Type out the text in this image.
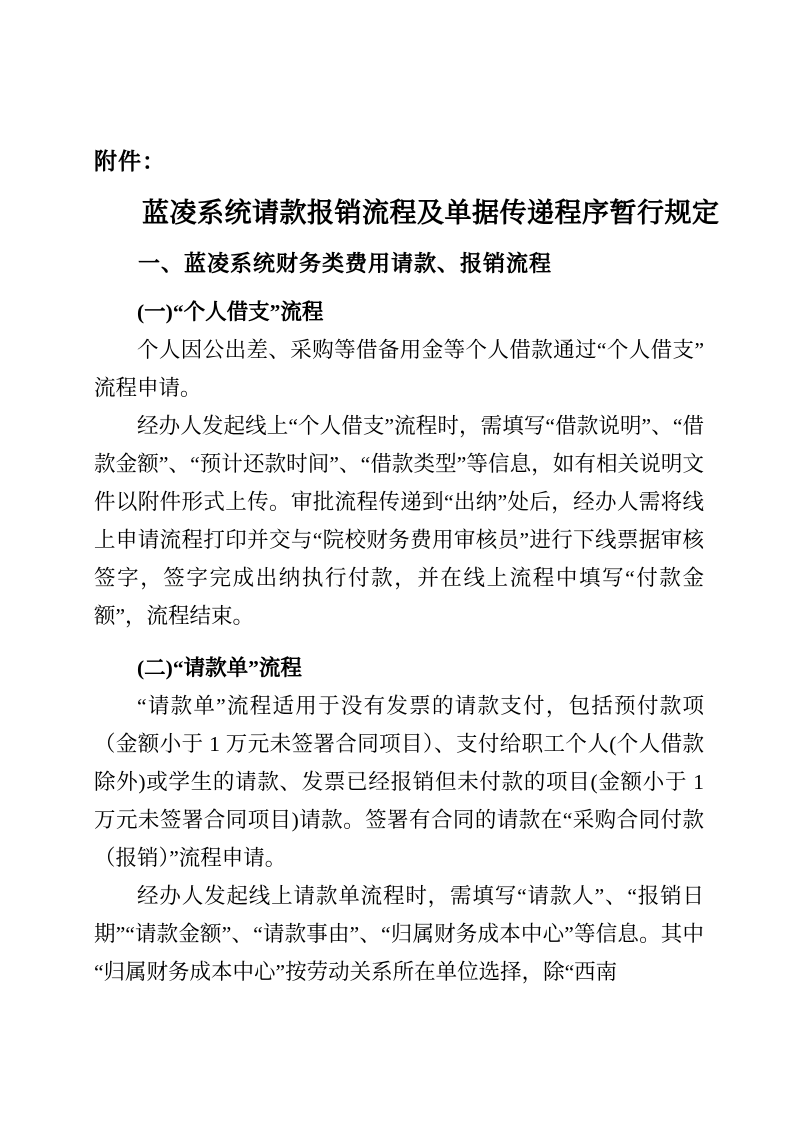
附件：
蓝凌系统请款报销流程及单据传递程序暂行规定
一、蓝凌系统财务类费用请款、报销流程
(一)“个人借支”流程
个人因公出差、采购等借备用金等个人借款通过“个人借支”流程申请。
经办人发起线上“个人借支”流程时，需填写“借款说明”、“借款金额”、“预计还款时间”、“借款类型”等信息，如有相关说明文件以附件形式上传。审批流程传递到“出纳”处后，经办人需将线上申请流程打印并交与“院校财务费用审核员”进行下线票据审核签字，签字完成出纳执行付款，并在线上流程中填写“付款金额”，流程结束。
(二)“请款单”流程
“请款单”流程适用于没有发票的请款支付，包括预付款项（金额小于 1 万元未签署合同项目）、支付给职工个人(个人借款除外)或学生的请款、发票已经报销但未付款的项目(金额小于 1 万元未签署合同项目)请款。签署有合同的请款在“采购合同付款 （报销）”流程申请。
经办人发起线上请款单流程时，需填写“请款人”、“报销日期”“请款金额”、“请款事由”、“归属财务成本中心”等信息。其中“归属财务成本中心”按劳动关系所在单位选择，除“西南
